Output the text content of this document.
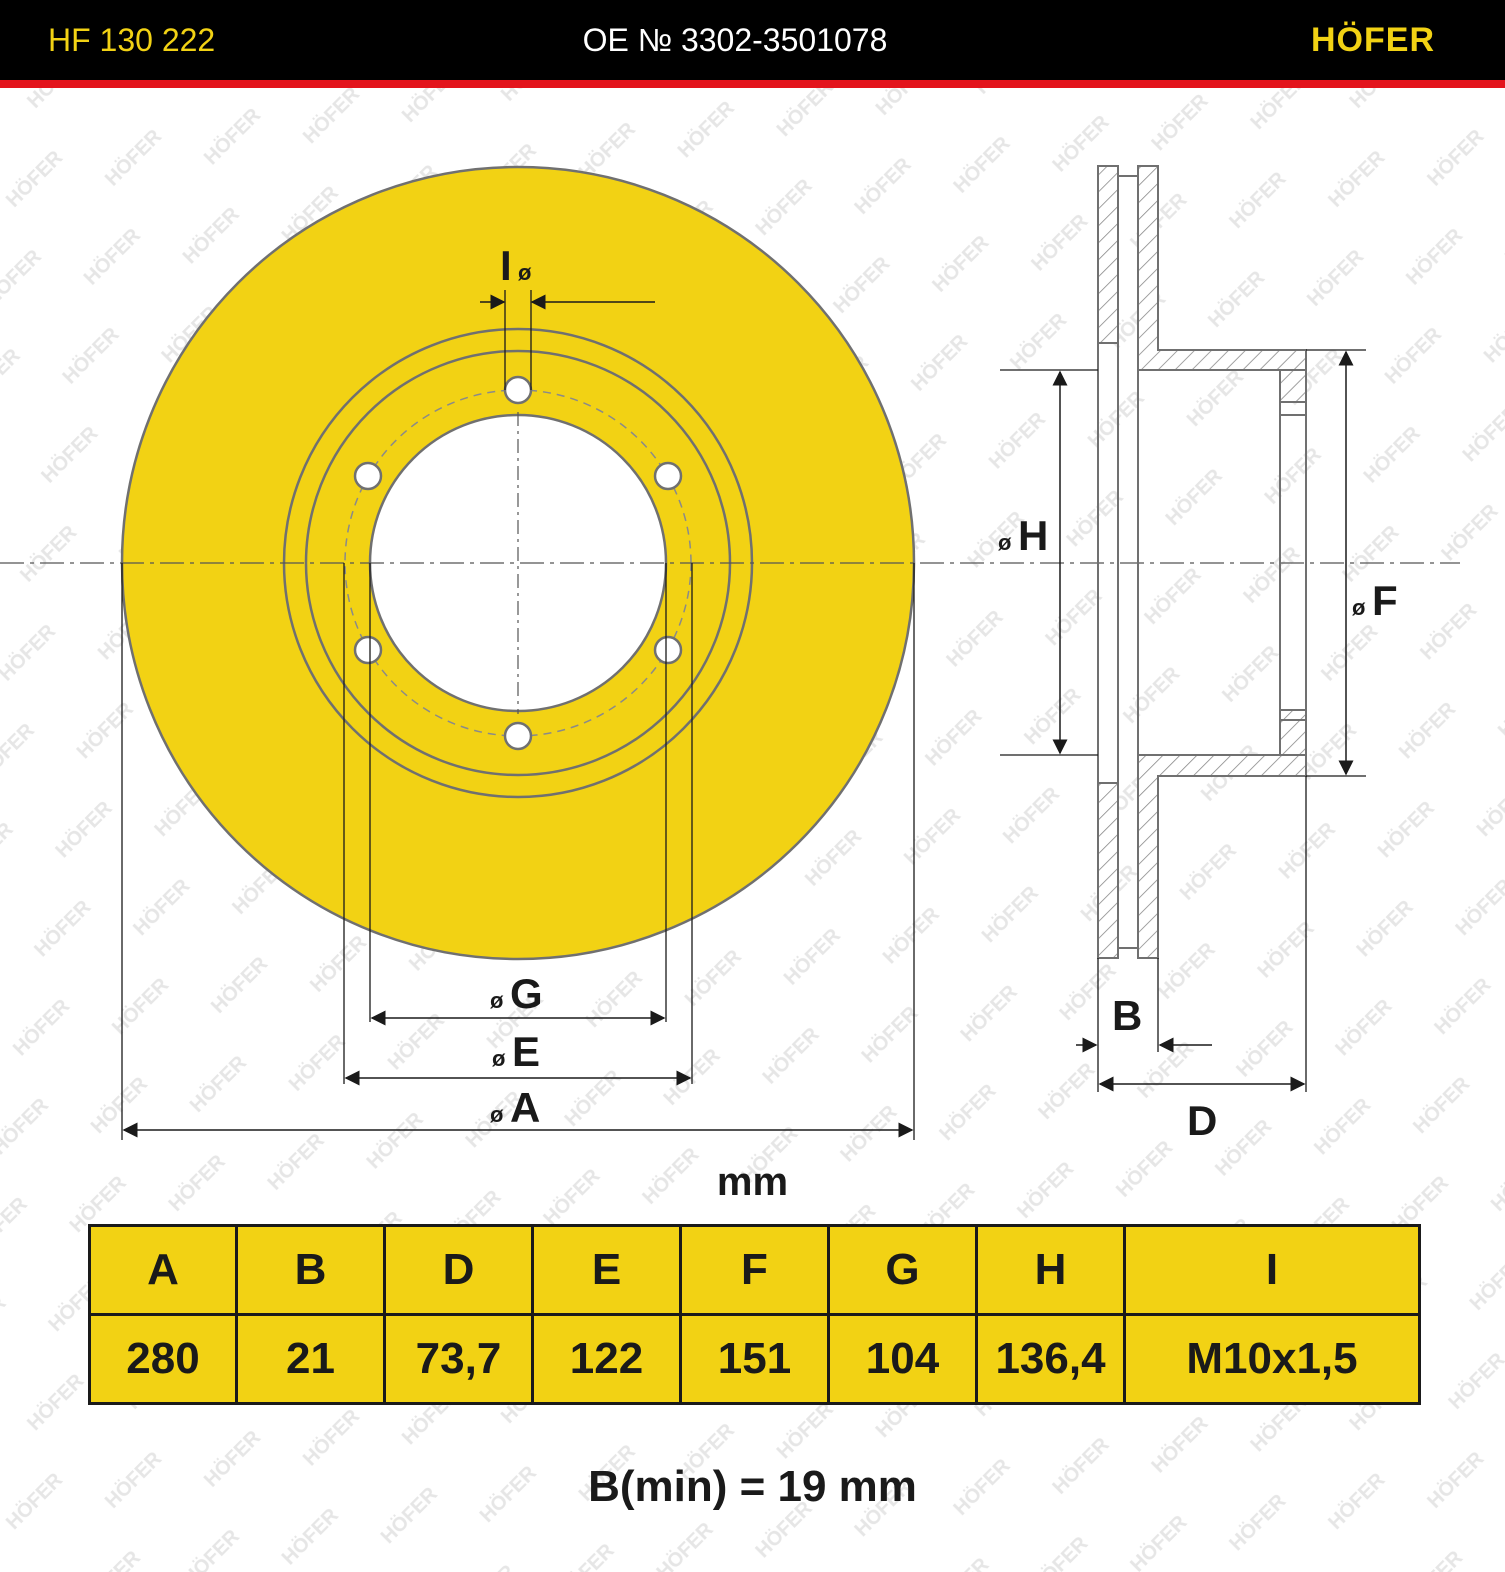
HF 130 222	OE № 3302-3501078	HÖFER
I ø
ø G
ø E
ø A
ø H
ø F
B
D
mm
A	B	D	E	F	G	H	I
280	21	73,7	122	151	104	136,4	M10x1,5
B(min) = 19 mm
